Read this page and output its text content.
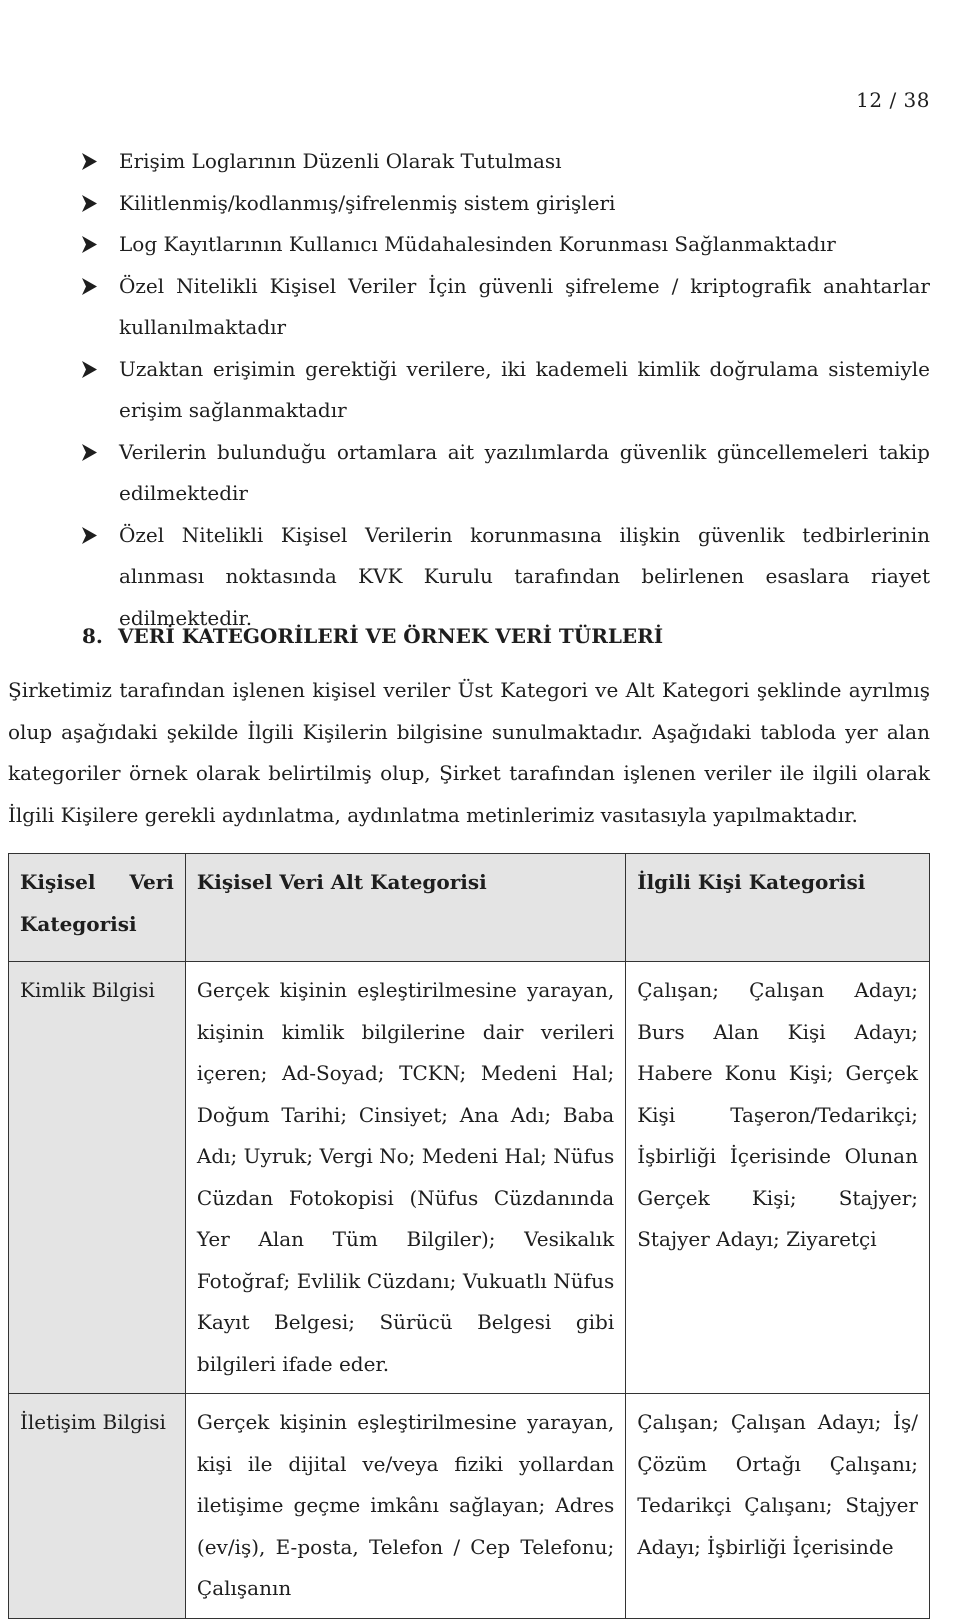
12 / 38
Erişim Loglarının Düzenli Olarak Tutulması
Kilitlenmiş/kodlanmış/şifrelenmiş sistem girişleri
Log Kayıtlarının Kullanıcı Müdahalesinden Korunması Sağlanmaktadır
Özel Nitelikli Kişisel Veriler İçin güvenli şifreleme / kriptografik anahtarlar kullanılmaktadır
Uzaktan erişimin gerektiği verilere, iki kademeli kimlik doğrulama sistemiyle erişim sağlanmaktadır
Verilerin bulunduğu ortamlara ait yazılımlarda güvenlik güncellemeleri takip edilmektedir
Özel Nitelikli Kişisel Verilerin korunmasına ilişkin güvenlik tedbirlerinin alınması noktasında KVK Kurulu tarafından belirlenen esaslara riayet edilmektedir.
8. VERİ KATEGORİLERİ VE ÖRNEK VERİ TÜRLERİ

Şirketimiz tarafından işlenen kişisel veriler Üst Kategori ve Alt Kategori şeklinde ayrılmış olup aşağıdaki şekilde İlgili Kişilerin bilgisine sunulmaktadır. Aşağıdaki tabloda yer alan kategoriler örnek olarak belirtilmiş olup, Şirket tarafından işlenen veriler ile ilgili olarak İlgili Kişilere gerekli aydınlatma, aydınlatma metinlerimiz vasıtasıyla yapılmaktadır.

Kişisel Veri Kategorisi	Kişisel Veri Alt Kategorisi	İlgili Kişi Kategorisi
Kimlik Bilgisi	Gerçek kişinin eşleştirilmesine yarayan, kişinin kimlik bilgilerine dair verileri içeren; Ad-Soyad; TCKN; Medeni Hal; Doğum Tarihi; Cinsiyet; Ana Adı; Baba Adı; Uyruk; Vergi No; Medeni Hal; Nüfus Cüzdan Fotokopisi (Nüfus Cüzdanında Yer Alan Tüm Bilgiler); Vesikalık Fotoğraf; Evlilik Cüzdanı; Vukuatlı Nüfus Kayıt Belgesi; Sürücü Belgesi gibi bilgileri ifade eder.	Çalışan; Çalışan Adayı; Burs Alan Kişi Adayı; Habere Konu Kişi; Gerçek Kişi Taşeron/Tedarikçi; İşbirliği İçerisinde Olunan Gerçek Kişi; Stajyer; Stajyer Adayı; Ziyaretçi
İletişim Bilgisi	Gerçek kişinin eşleştirilmesine yarayan, kişi ile dijital ve/veya fiziki yollardan iletişime geçme imkânı sağlayan; Adres (ev/iş), E-posta, Telefon / Cep Telefonu; Çalışanın	Çalışan; Çalışan Adayı; İş/Çözüm Ortağı Çalışanı; Tedarikçi Çalışanı; Stajyer Adayı; İşbirliği İçerisinde
